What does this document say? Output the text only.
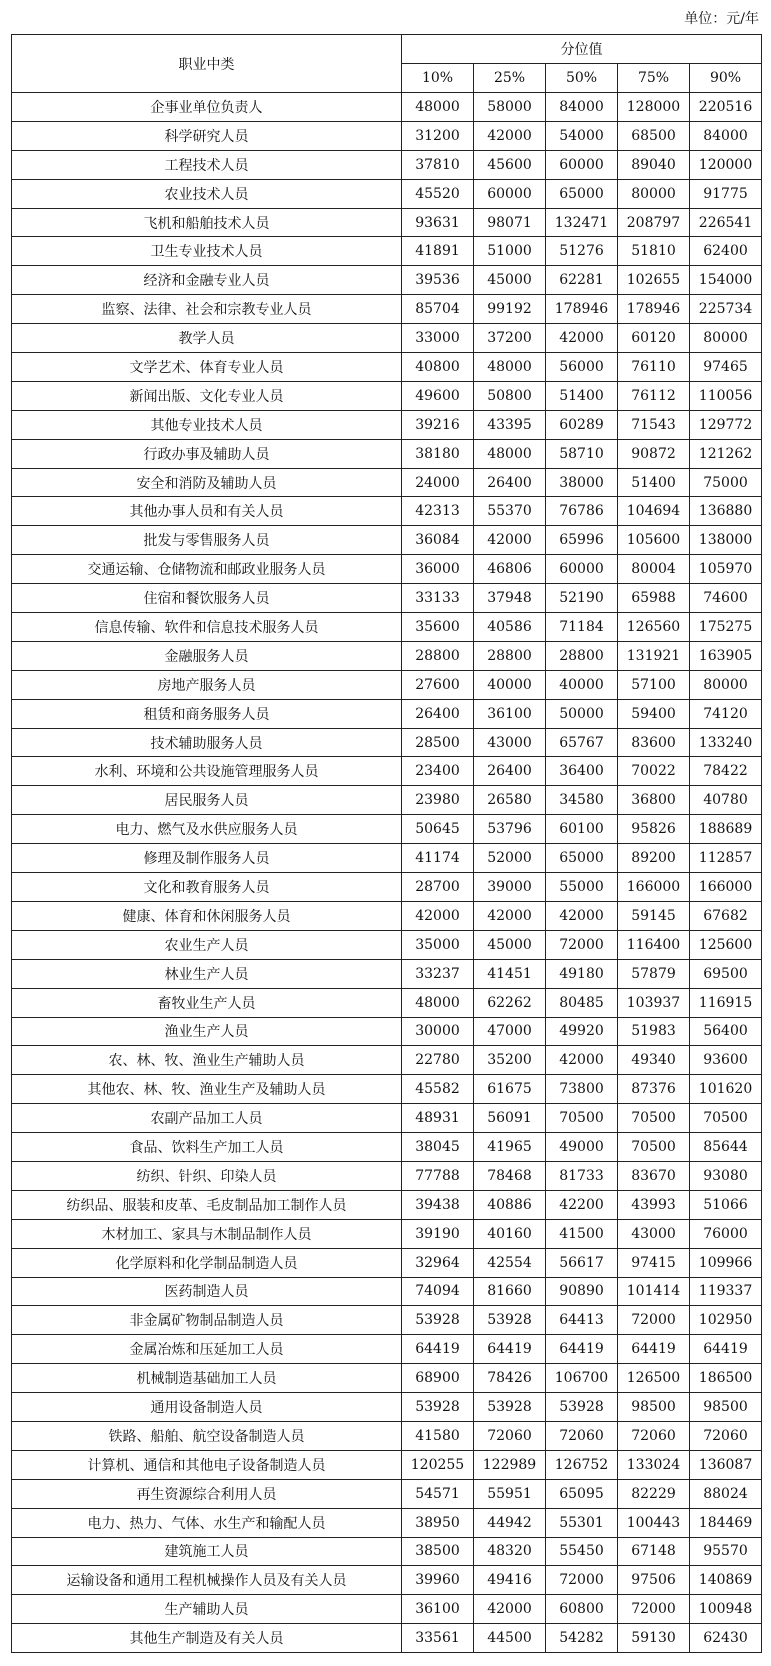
单位：元/年
职业中类	分位值				
	10%	25%	50%	75%	90%
企事业单位负责人	48000	58000	84000	128000	220516
科学研究人员	31200	42000	54000	68500	84000
工程技术人员	37810	45600	60000	89040	120000
农业技术人员	45520	60000	65000	80000	91775
飞机和船舶技术人员	93631	98071	132471	208797	226541
卫生专业技术人员	41891	51000	51276	51810	62400
经济和金融专业人员	39536	45000	62281	102655	154000
监察、法律、社会和宗教专业人员	85704	99192	178946	178946	225734
教学人员	33000	37200	42000	60120	80000
文学艺术、体育专业人员	40800	48000	56000	76110	97465
新闻出版、文化专业人员	49600	50800	51400	76112	110056
其他专业技术人员	39216	43395	60289	71543	129772
行政办事及辅助人员	38180	48000	58710	90872	121262
安全和消防及辅助人员	24000	26400	38000	51400	75000
其他办事人员和有关人员	42313	55370	76786	104694	136880
批发与零售服务人员	36084	42000	65996	105600	138000
交通运输、仓储物流和邮政业服务人员	36000	46806	60000	80004	105970
住宿和餐饮服务人员	33133	37948	52190	65988	74600
信息传输、软件和信息技术服务人员	35600	40586	71184	126560	175275
金融服务人员	28800	28800	28800	131921	163905
房地产服务人员	27600	40000	40000	57100	80000
租赁和商务服务人员	26400	36100	50000	59400	74120
技术辅助服务人员	28500	43000	65767	83600	133240
水利、环境和公共设施管理服务人员	23400	26400	36400	70022	78422
居民服务人员	23980	26580	34580	36800	40780
电力、燃气及水供应服务人员	50645	53796	60100	95826	188689
修理及制作服务人员	41174	52000	65000	89200	112857
文化和教育服务人员	28700	39000	55000	166000	166000
健康、体育和休闲服务人员	42000	42000	42000	59145	67682
农业生产人员	35000	45000	72000	116400	125600
林业生产人员	33237	41451	49180	57879	69500
畜牧业生产人员	48000	62262	80485	103937	116915
渔业生产人员	30000	47000	49920	51983	56400
农、林、牧、渔业生产辅助人员	22780	35200	42000	49340	93600
其他农、林、牧、渔业生产及辅助人员	45582	61675	73800	87376	101620
农副产品加工人员	48931	56091	70500	70500	70500
食品、饮料生产加工人员	38045	41965	49000	70500	85644
纺织、针织、印染人员	77788	78468	81733	83670	93080
纺织品、服装和皮革、毛皮制品加工制作人员	39438	40886	42200	43993	51066
木材加工、家具与木制品制作人员	39190	40160	41500	43000	76000
化学原料和化学制品制造人员	32964	42554	56617	97415	109966
医药制造人员	74094	81660	90890	101414	119337
非金属矿物制品制造人员	53928	53928	64413	72000	102950
金属冶炼和压延加工人员	64419	64419	64419	64419	64419
机械制造基础加工人员	68900	78426	106700	126500	186500
通用设备制造人员	53928	53928	53928	98500	98500
铁路、船舶、航空设备制造人员	41580	72060	72060	72060	72060
计算机、通信和其他电子设备制造人员	120255	122989	126752	133024	136087
再生资源综合利用人员	54571	55951	65095	82229	88024
电力、热力、气体、水生产和输配人员	38950	44942	55301	100443	184469
建筑施工人员	38500	48320	55450	67148	95570
运输设备和通用工程机械操作人员及有关人员	39960	49416	72000	97506	140869
生产辅助人员	36100	42000	60800	72000	100948
其他生产制造及有关人员	33561	44500	54282	59130	62430
